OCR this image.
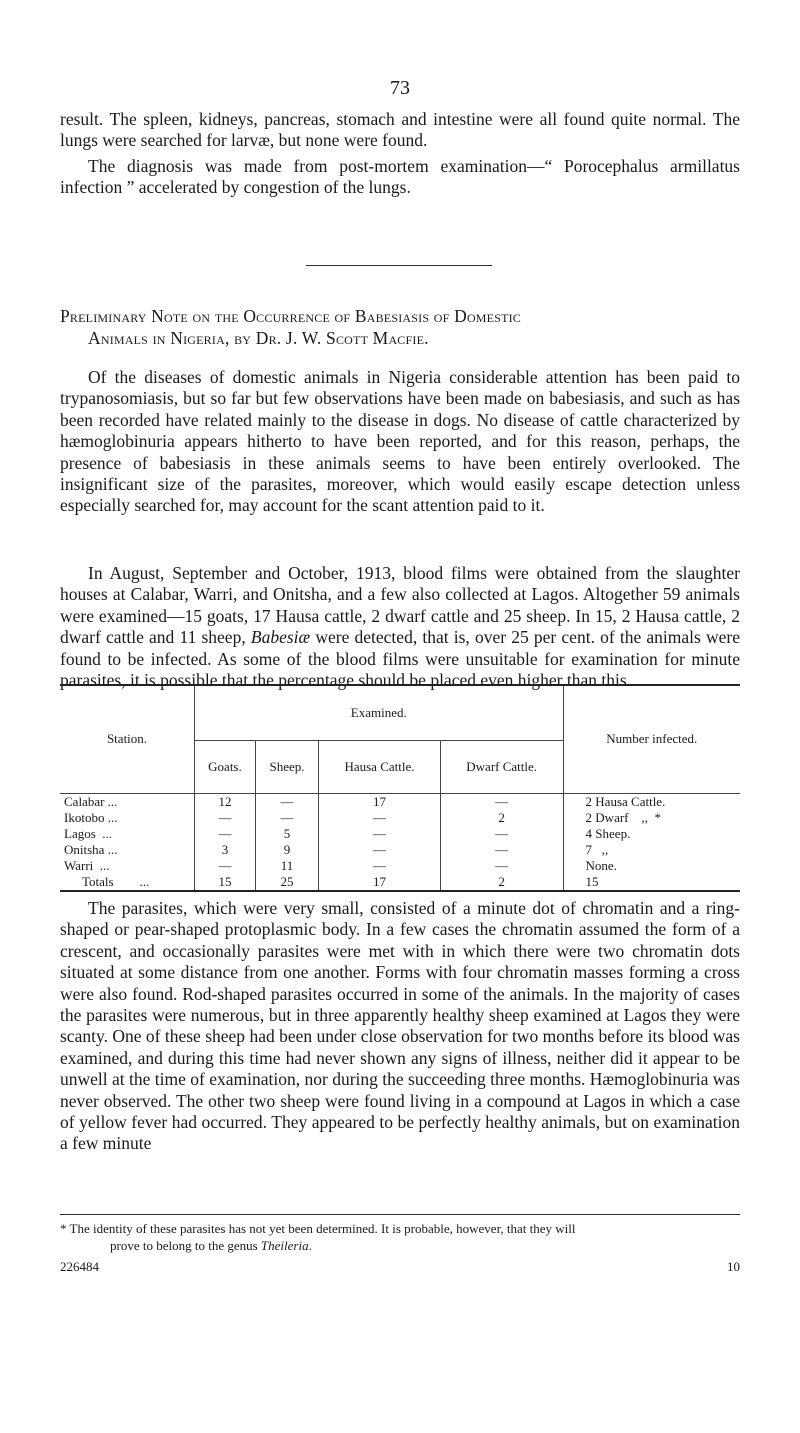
73

result. The spleen, kidneys, pancreas, stomach and intestine were all found quite normal. The lungs were searched for larvæ, but none were found.

The diagnosis was made from post-mortem examination—“ Porocephalus armillatus infection ” accelerated by congestion of the lungs.

Preliminary Note on the Occurrence of Babesiasis of Domestic
Animals in Nigeria, by Dr. J. W. Scott Macfie.

Of the diseases of domestic animals in Nigeria considerable attention has been paid to trypanosomiasis, but so far but few observations have been made on babesiasis, and such as has been recorded have related mainly to the disease in dogs. No disease of cattle characterized by hæmoglobinuria appears hitherto to have been reported, and for this reason, perhaps, the presence of babesiasis in these animals seems to have been entirely overlooked. The insignificant size of the parasites, moreover, which would easily escape detection unless especially searched for, may account for the scant attention paid to it.

In August, September and October, 1913, blood films were obtained from the slaughter houses at Calabar, Warri, and Onitsha, and a few also collected at Lagos. Altogether 59 animals were examined—15 goats, 17 Hausa cattle, 2 dwarf cattle and 25 sheep. In 15, 2 Hausa cattle, 2 dwarf cattle and 11 sheep, Babesiæ were detected, that is, over 25 per cent. of the animals were found to be infected. As some of the blood films were unsuitable for examination for minute parasites, it is possible that the percentage should be placed even higher than this.

Station.	Examined.				Number infected.
	Goats.	Sheep.	Hausa Cattle.	Dwarf Cattle.	
Calabar ...	12	—	17	—	2 Hausa Cattle.
Ikotobo ...	—	—	—	2	2 Dwarf    ,,  *
Lagos  ...	—	5	—	—	4 Sheep.
Onitsha ...	3	9	—	—	7   ,,
Warri  ...	—	11	—	—	None.
Totals ...	15	25	17	2	15

The parasites, which were very small, consisted of a minute dot of chromatin and a ring-shaped or pear-shaped protoplasmic body. In a few cases the chromatin assumed the form of a crescent, and occasionally parasites were met with in which there were two chromatin dots situated at some distance from one another. Forms with four chromatin masses forming a cross were also found. Rod-shaped parasites occurred in some of the animals. In the majority of cases the parasites were numerous, but in three apparently healthy sheep examined at Lagos they were scanty. One of these sheep had been under close observation for two months before its blood was examined, and during this time had never shown any signs of illness, neither did it appear to be unwell at the time of examination, nor during the succeeding three months. Hæmoglobinuria was never observed. The other two sheep were found living in a compound at Lagos in which a case of yellow fever had occurred. They appeared to be perfectly healthy animals, but on examination a few minute

* The identity of these parasites has not yet been determined. It is probable, however, that they will
prove to belong to the genus Theileria.
226484	10
